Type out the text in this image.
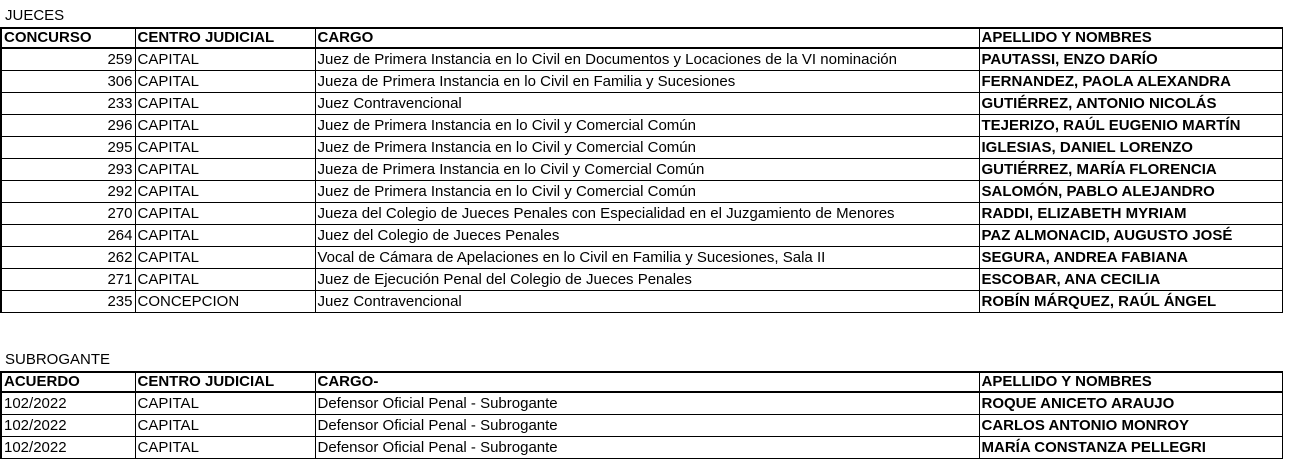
JUECES
CONCURSO	CENTRO JUDICIAL	CARGO	APELLIDO Y NOMBRES
259	CAPITAL	Juez de Primera Instancia en lo Civil en Documentos y Locaciones de la VI nominación	PAUTASSI, ENZO DARÍO
306	CAPITAL	Jueza de Primera Instancia en lo Civil en Familia y Sucesiones	FERNANDEZ, PAOLA ALEXANDRA
233	CAPITAL	Juez Contravencional	GUTIÉRREZ, ANTONIO NICOLÁS
296	CAPITAL	Juez de Primera Instancia en lo Civil y Comercial Común	TEJERIZO, RAÚL EUGENIO MARTÍN
295	CAPITAL	Juez de Primera Instancia en lo Civil y Comercial Común	IGLESIAS, DANIEL LORENZO
293	CAPITAL	Jueza de Primera Instancia en lo Civil y Comercial Común	GUTIÉRREZ, MARÍA FLORENCIA
292	CAPITAL	Juez de Primera Instancia en lo Civil y Comercial Común	SALOMÓN, PABLO ALEJANDRO
270	CAPITAL	Jueza del Colegio de Jueces Penales con Especialidad en el Juzgamiento de Menores	RADDI, ELIZABETH MYRIAM
264	CAPITAL	Juez del Colegio de Jueces Penales	PAZ ALMONACID, AUGUSTO JOSÉ
262	CAPITAL	Vocal de Cámara de Apelaciones en lo Civil en Familia y Sucesiones, Sala II	SEGURA, ANDREA FABIANA
271	CAPITAL	Juez de Ejecución Penal del Colegio de Jueces Penales	ESCOBAR, ANA CECILIA
235	CONCEPCION	Juez Contravencional	ROBÍN MÁRQUEZ, RAÚL ÁNGEL
SUBROGANTE
ACUERDO	CENTRO JUDICIAL	CARGO-	APELLIDO Y NOMBRES
102/2022	CAPITAL	Defensor Oficial Penal - Subrogante	ROQUE ANICETO ARAUJO
102/2022	CAPITAL	Defensor Oficial Penal - Subrogante	CARLOS ANTONIO MONROY
102/2022	CAPITAL	Defensor Oficial Penal - Subrogante	MARÍA CONSTANZA PELLEGRI
